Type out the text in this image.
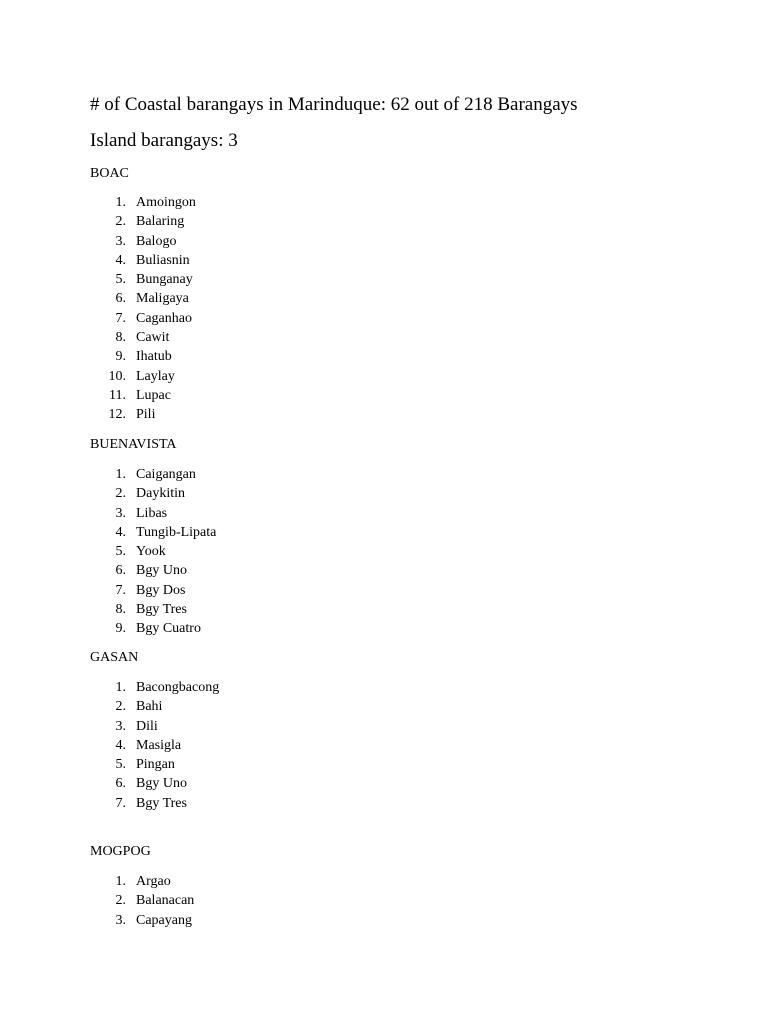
# of Coastal barangays in Marinduque: 62 out of 218 Barangays
Island barangays: 3
BOAC
1. Amoingon
2. Balaring
3. Balogo
4. Buliasnin
5. Bunganay
6. Maligaya
7. Caganhao
8. Cawit
9. Ihatub
10. Laylay
11. Lupac
12. Pili
BUENAVISTA
1. Caigangan
2. Daykitin
3. Libas
4. Tungib-Lipata
5. Yook
6. Bgy Uno
7. Bgy Dos
8. Bgy Tres
9. Bgy Cuatro
GASAN
1. Bacongbacong
2. Bahi
3. Dili
4. Masigla
5. Pingan
6. Bgy Uno
7. Bgy Tres
MOGPOG
1. Argao
2. Balanacan
3. Capayang
